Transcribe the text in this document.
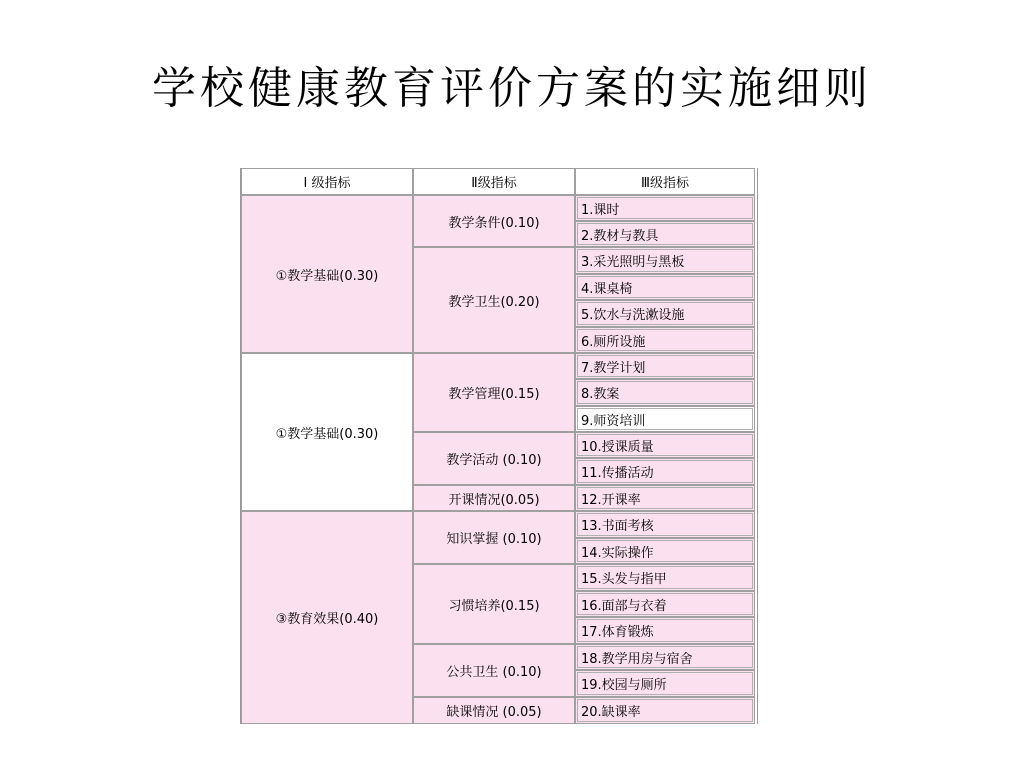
学校健康教育评价方案的实施细则
Ⅰ 级指标	Ⅱ级指标	Ⅲ级指标
①教学基础(0.30)
①教学基础(0.30)
③教育效果(0.40)
教学条件(0.10)
教学卫生(0.20)
教学管理(0.15)
教学活动 (0.10)
开课情况(0.05)
知识掌握 (0.10)
习惯培养(0.15)
公共卫生 (0.10)
缺课情况 (0.05)
1.课时
2.教材与教具
3.采光照明与黑板
4.课桌椅
5.饮水与洗漱设施
6.厕所设施
7.教学计划
8.教案
9.师资培训
10.授课质量
11.传播活动
12.开课率
13.书面考核
14.实际操作
15.头发与指甲
16.面部与衣着
17.体育锻炼
18.教学用房与宿舍
19.校园与厕所
20.缺课率
